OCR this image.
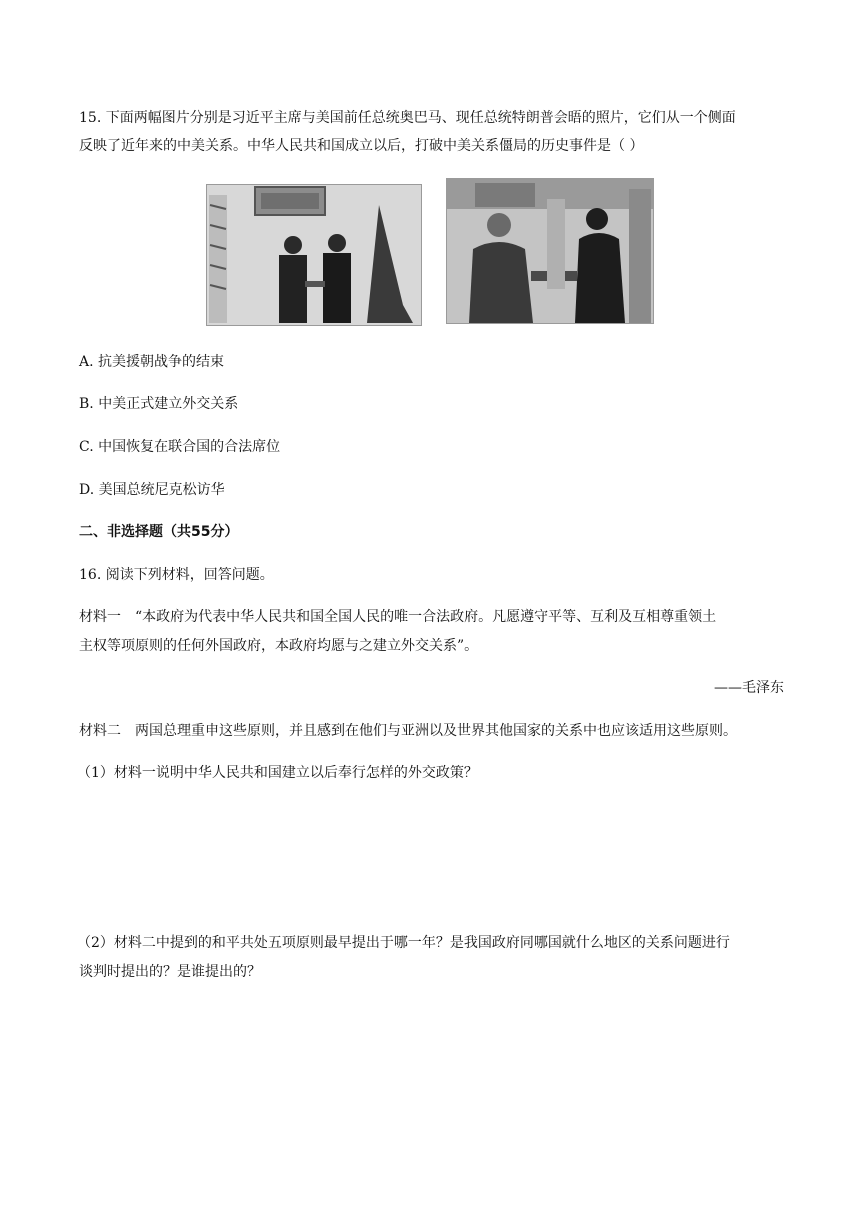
15. 下面两幅图片分别是习近平主席与美国前任总统奥巴马、现任总统特朗普会晤的照片，它们从一个侧面
反映了近年来的中美关系。中华人民共和国成立以后，打破中美关系僵局的历史事件是（ ）
A. 抗美援朝战争的结束
B. 中美正式建立外交关系
C. 中国恢复在联合国的合法席位
D. 美国总统尼克松访华
二、非选择题（共55分）
16. 阅读下列材料，回答问题。
材料一　“本政府为代表中华人民共和国全国人民的唯一合法政府。凡愿遵守平等、互利及互相尊重领土
主权等项原则的任何外国政府，本政府均愿与之建立外交关系”。
——毛泽东
材料二　两国总理重申这些原则，并且感到在他们与亚洲以及世界其他国家的关系中也应该适用这些原则。
（1）材料一说明中华人民共和国建立以后奉行怎样的外交政策？
（2）材料二中提到的和平共处五项原则最早提出于哪一年？是我国政府同哪国就什么地区的关系问题进行
谈判时提出的？是谁提出的？
